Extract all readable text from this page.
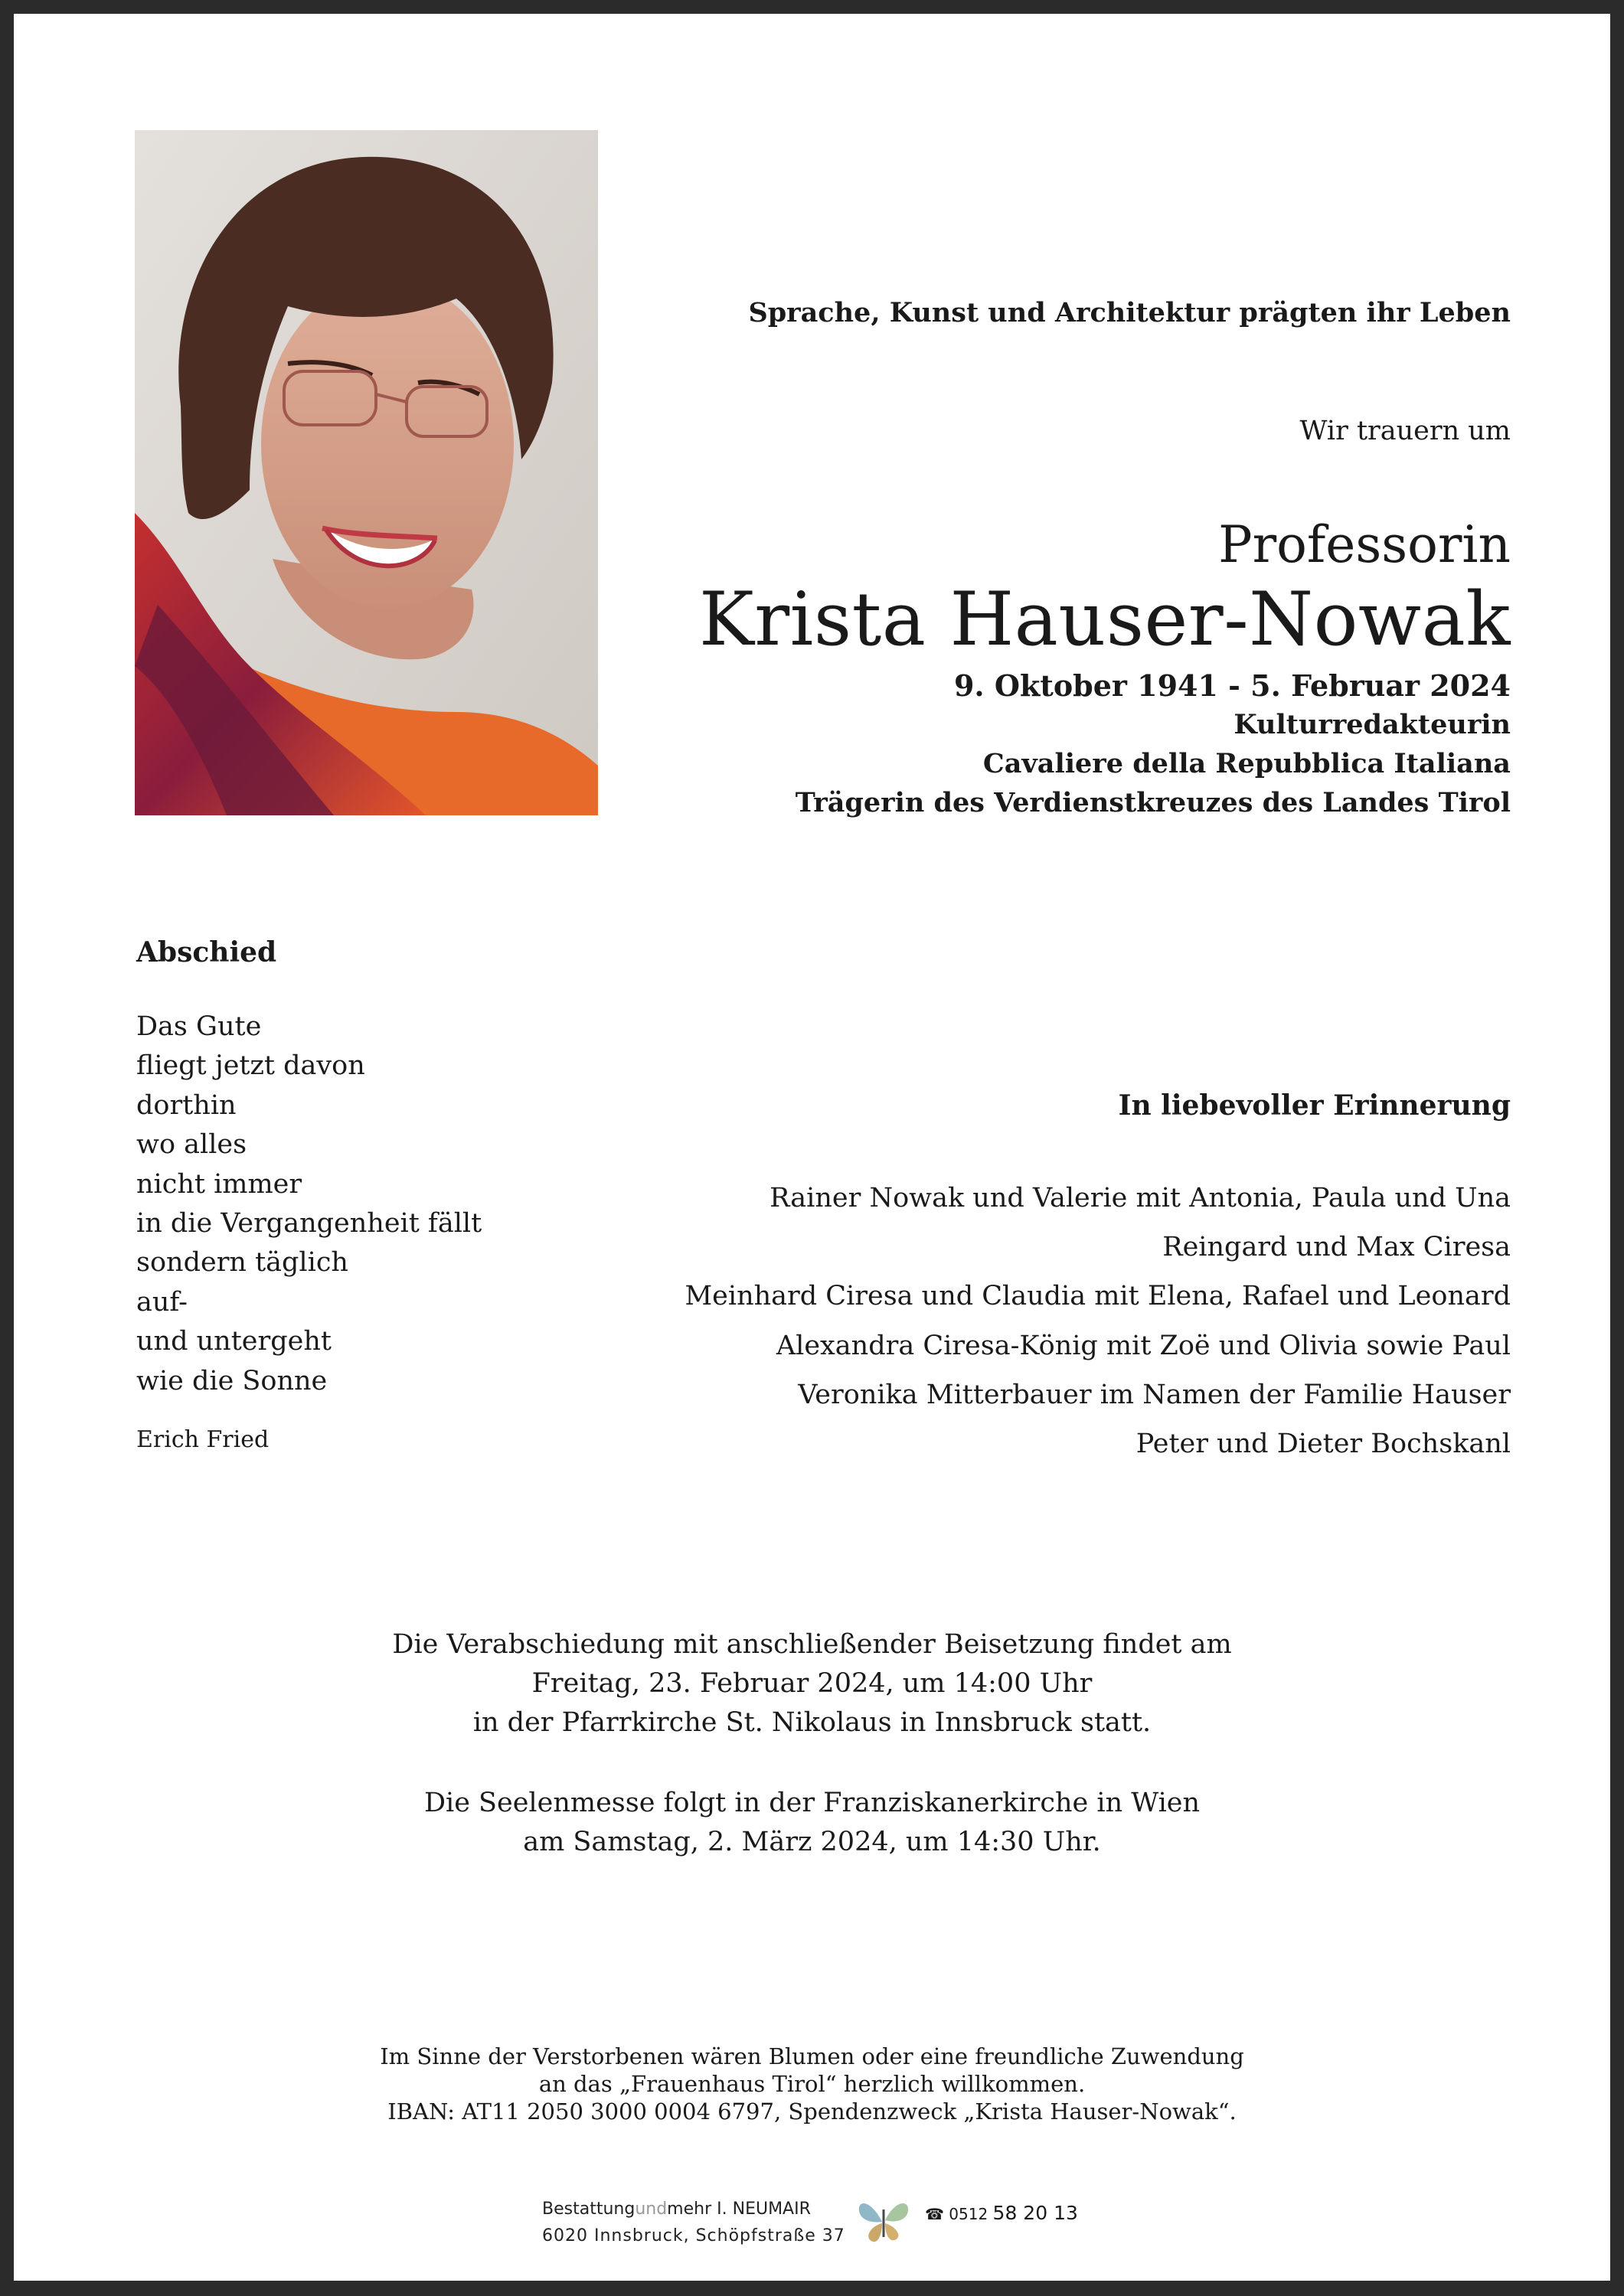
Sprache, Kunst und Architektur prägten ihr Leben
Wir trauern um
Professorin
Krista Hauser-Nowak
9. Oktober 1941 - 5. Februar 2024
Kulturredakteurin
Cavaliere della Repubblica Italiana
Trägerin des Verdienstkreuzes des Landes Tirol
Abschied
Das Gute
fliegt jetzt davon
dorthin
wo alles
nicht immer
in die Vergangenheit fällt
sondern täglich
auf-
und untergeht
wie die Sonne
Erich Fried
In liebevoller Erinnerung
Rainer Nowak und Valerie mit Antonia, Paula und Una
Reingard und Max Ciresa
Meinhard Ciresa und Claudia mit Elena, Rafael und Leonard
Alexandra Ciresa-König mit Zoë und Olivia sowie Paul
Veronika Mitterbauer im Namen der Familie Hauser
Peter und Dieter Bochskanl
Die Verabschiedung mit anschließender Beisetzung findet am
Freitag, 23. Februar 2024, um 14:00 Uhr
in der Pfarrkirche St. Nikolaus in Innsbruck statt.
Die Seelenmesse folgt in der Franziskanerkirche in Wien
am Samstag, 2. März 2024, um 14:30 Uhr.
Im Sinne der Verstorbenen wären Blumen oder eine freundliche Zuwendung
an das „Frauenhaus Tirol“ herzlich willkommen.
IBAN: AT11 2050 3000 0004 6797, Spendenzweck „Krista Hauser-Nowak“.
Bestattungundmehr I. NEUMAIR
6020 Innsbruck, Schöpfstraße 37
☎ 0512 58 20 13
